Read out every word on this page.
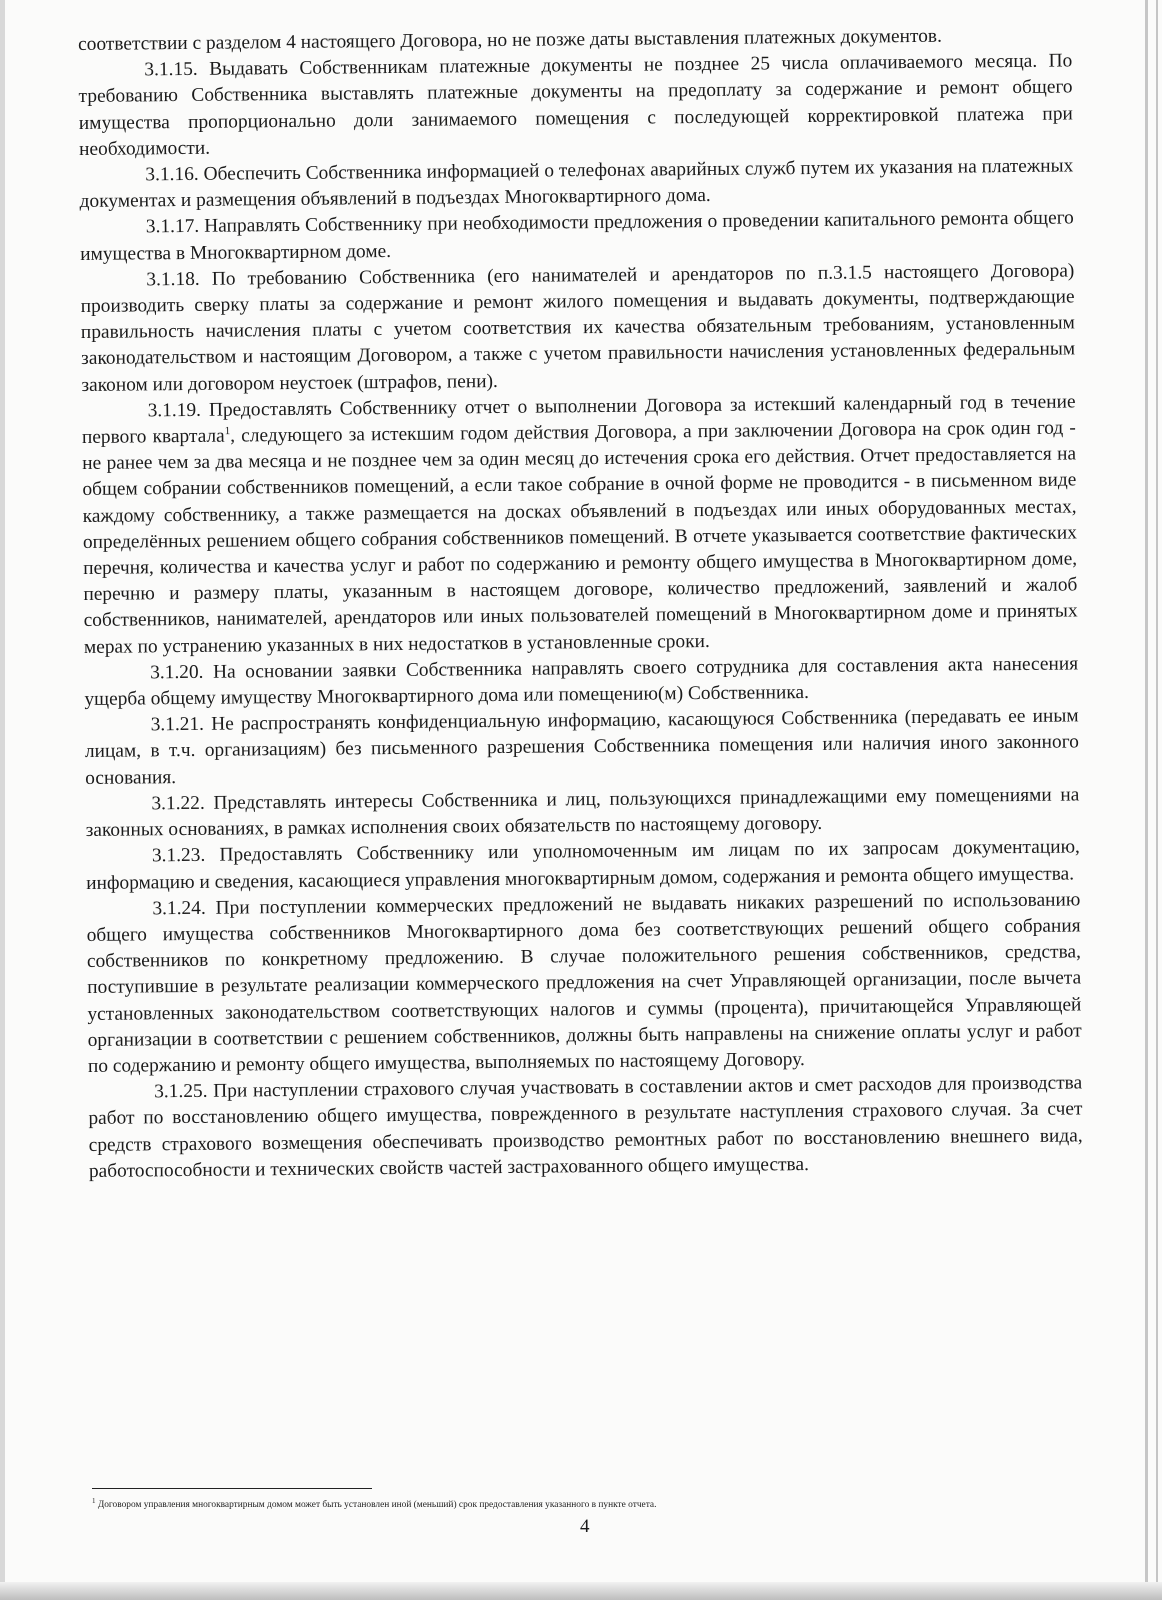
соответствии с разделом 4 настоящего Договора, но не позже даты выставления платежных документов.

3.1.15. Выдавать Собственникам платежные документы не позднее 25 числа оплачиваемого месяца. По требованию Собственника выставлять платежные документы на предоплату за содержание и ремонт общего имущества пропорционально доли занимаемого помещения с последующей корректировкой платежа при необходимости.

3.1.16. Обеспечить Собственника информацией о телефонах аварийных служб путем их указания на платежных документах и размещения объявлений в подъездах Многоквартирного дома.

3.1.17. Направлять Собственнику при необходимости предложения о проведении капитального ремонта общего имущества в Многоквартирном доме.

3.1.18. По требованию Собственника (его нанимателей и арендаторов по п.3.1.5 настоящего Договора) производить сверку платы за содержание и ремонт жилого помещения и выдавать документы, подтверждающие правильность начисления платы с учетом соответствия их качества обязательным требованиям, установленным законодательством и настоящим Договором, а также с учетом правильности начисления установленных федеральным законом или договором неустоек (штрафов, пени).

3.1.19. Предоставлять Собственнику отчет о выполнении Договора за истекший календарный год в течение первого квартала$^1$, следующего за истекшим годом действия Договора, а при заключении Договора на срок один год - не ранее чем за два месяца и не позднее чем за один месяц до истечения срока его действия. Отчет предоставляется на общем собрании собственников помещений, а если такое собрание в очной форме не проводится - в письменном виде каждому собственнику, а также размещается на досках объявлений в подъездах или иных оборудованных местах, определённых решением общего собрания собственников помещений. В отчете указывается соответствие фактических перечня, количества и качества услуг и работ по содержанию и ремонту общего имущества в Многоквартирном доме, перечню и размеру платы, указанным в настоящем договоре, количество предложений, заявлений и жалоб собственников, нанимателей, арендаторов или иных пользователей помещений в Многоквартирном доме и принятых мерах по устранению указанных в них недостатков в установленные сроки.

3.1.20. На основании заявки Собственника направлять своего сотрудника для составления акта нанесения ущерба общему имуществу Многоквартирного дома или помещению(м) Собственника.

3.1.21. Не распространять конфиденциальную информацию, касающуюся Собственника (передавать ее иным лицам, в т.ч. организациям) без письменного разрешения Собственника помещения или наличия иного законного основания.

3.1.22. Представлять интересы Собственника и лиц, пользующихся принадлежащими ему помещениями на законных основаниях, в рамках исполнения своих обязательств по настоящему договору.

3.1.23. Предоставлять Собственнику или уполномоченным им лицам по их запросам документацию, информацию и сведения, касающиеся управления многоквартирным домом, содержания и ремонта общего имущества.

3.1.24. При поступлении коммерческих предложений не выдавать никаких разрешений по использованию общего имущества собственников Многоквартирного дома без соответствующих решений общего собрания собственников по конкретному предложению. В случае положительного решения собственников, средства, поступившие в результате реализации коммерческого предложения на счет Управляющей организации, после вычета установленных законодательством соответствующих налогов и суммы (процента), причитающейся Управляющей организации в соответствии с решением собственников, должны быть направлены на снижение оплаты услуг и работ по содержанию и ремонту общего имущества, выполняемых по настоящему Договору.

3.1.25. При наступлении страхового случая участвовать в составлении актов и смет расходов для производства работ по восстановлению общего имущества, поврежденного в результате наступления страхового случая. За счет средств страхового возмещения обеспечивать производство ремонтных работ по восстановлению внешнего вида, работоспособности и технических свойств частей застрахованного общего имущества.

$^1$ Договором управления многоквартирным домом может быть установлен иной (меньший) срок предоставления указанного в пункте отчета.
4
